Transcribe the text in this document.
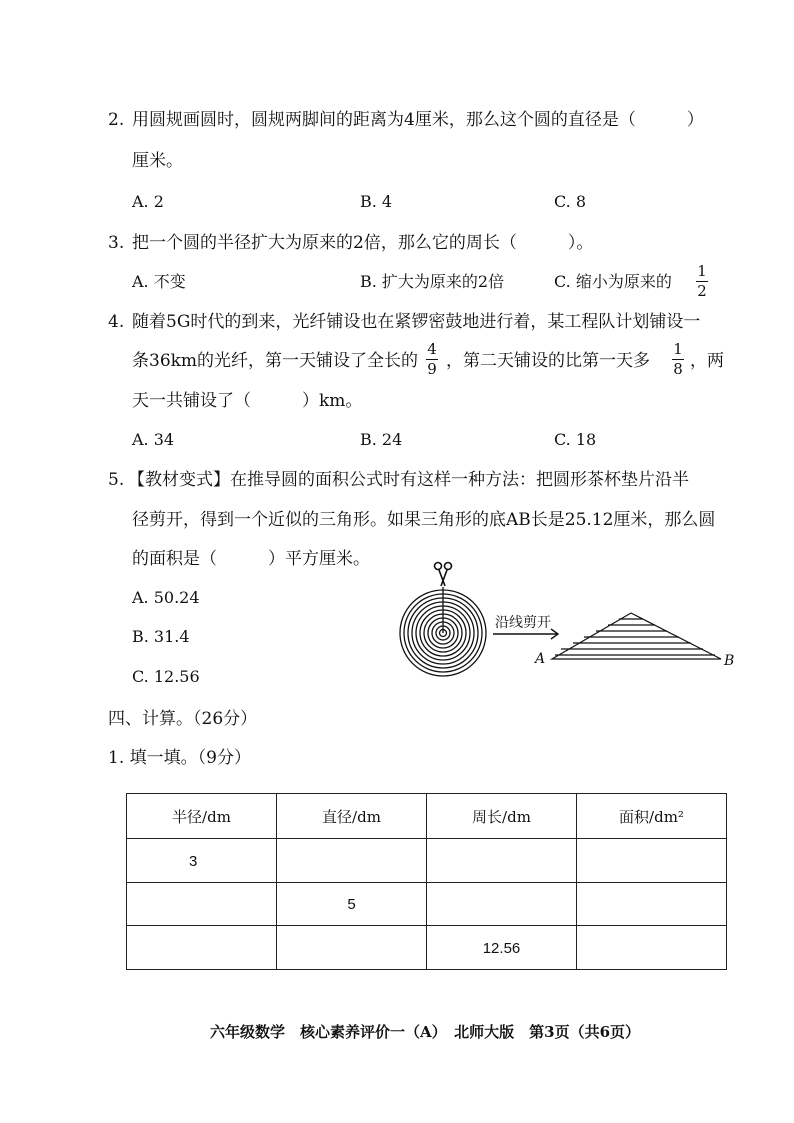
2. 用圆规画圆时，圆规两脚间的距离为4厘米，那么这个圆的直径是（　　　）
厘米。
A. 2	B. 4	C. 8
3. 把一个圆的半径扩大为原来的2倍，那么它的周长（　　　）。
A. 不变	B. 扩大为原来的2倍	C. 缩小为原来的
1
2
4. 随着5G时代的到来，光纤铺设也在紧锣密鼓地进行着，某工程队计划铺设一
条36km的光纤，第一天铺设了全长的
4
9 ，第二天铺设的比第一天多
1
8 ，两
天一共铺设了（　　　）km。
A. 34	B. 24	C. 18
5. 【教材变式】在推导圆的面积公式时有这样一种方法：把圆形茶杯垫片沿半
径剪开，得到一个近似的三角形。如果三角形的底AB长是25.12厘米，那么圆
的面积是（　　　）平方厘米。
A. 50.24
B. 31.4
C. 12.56
沿线剪开
A	B
四、计算。（26分）
1. 填一填。（9分）
半径/dm	直径/dm	周长/dm	面积/dm²
3			
	5		
		12.56	
六年级数学　核心素养评价一（A）　北师大版　第3页（共6页）
